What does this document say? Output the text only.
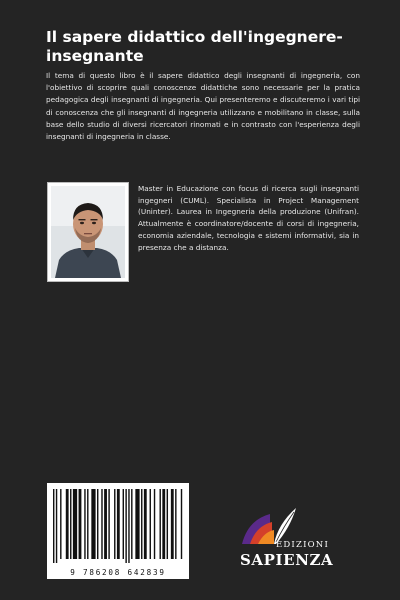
Il sapere didattico dell'ingegnere-insegnante

Il tema di questo libro è il sapere didattico degli insegnanti di ingegneria, con l'obiettivo di scoprire quali conoscenze didattiche sono necessarie per la pratica pedagogica degli insegnanti di ingegneria. Qui presenteremo e discuteremo i vari tipi di conoscenza che gli insegnanti di ingegneria utilizzano e mobilitano in classe, sulla base dello studio di diversi ricercatori rinomati e in contrasto con l'esperienza degli insegnanti di ingegneria in classe.

Master in Educazione con focus di ricerca sugli insegnanti ingegneri (CUML). Specialista in Project Management (Uninter). Laurea in Ingegneria della produzione (Unifran). Attualmente è coordinatore/docente di corsi di ingegneria, economia aziendale, tecnologia e sistemi informativi, sia in presenza che a distanza.

9 786208 642839
EDIZIONI
SAPIENZA
